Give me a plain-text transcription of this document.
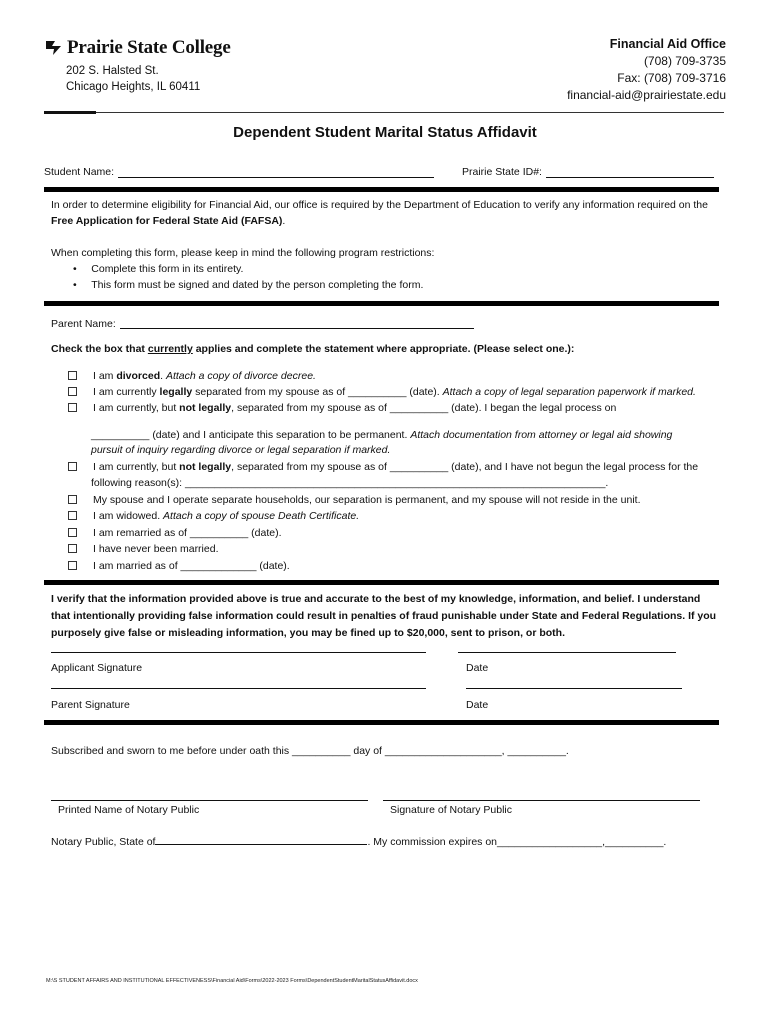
Prairie State College
202 S. Halsted St.
Chicago Heights, IL 60411
Financial Aid Office
(708) 709-3735
Fax: (708) 709-3716
financial-aid@prairiestate.edu
Dependent Student Marital Status Affidavit
Student Name:	Prairie State ID#:
In order to determine eligibility for Financial Aid, our office is required by the Department of Education to verify any information required on the Free Application for Federal State Aid (FAFSA).
When completing this form, please keep in mind the following program restrictions:
•     Complete this form in its entirety.
•     This form must be signed and dated by the person completing the form.
Parent Name:
Check the box that currently applies and complete the statement where appropriate. (Please select one.):
I am divorced. Attach a copy of divorce decree.
I am currently legally separated from my spouse as of __________ (date). Attach a copy of legal separation paperwork if marked.
I am currently, but not legally, separated from my spouse as of __________ (date). I began the legal process on
__________ (date) and I anticipate this separation to be permanent. Attach documentation from attorney or legal aid showing
pursuit of inquiry regarding divorce or legal separation if marked.
I am currently, but not legally, separated from my spouse as of __________ (date), and I have not begun the legal process for the
following reason(s): ________________________________________________________________________.
My spouse and I operate separate households, our separation is permanent, and my spouse will not reside in the unit.
I am widowed. Attach a copy of spouse Death Certificate.
I am remarried as of __________ (date).
I have never been married.
I am married as of _____________ (date).
I verify that the information provided above is true and accurate to the best of my knowledge, information, and belief. I understand that intentionally providing false information could result in penalties of fraud punishable under State and Federal Regulations. If you purposely give false or misleading information, you may be fined up to $20,000, sent to prison, or both.
Applicant Signature	Date
Parent Signature	Date
Subscribed and sworn to me before under oath this __________ day of ____________________, __________.
Printed Name of Notary Public	Signature of Notary Public
Notary Public, State of	. My commission expires on__________________,__________.
M:\S STUDENT AFFAIRS AND INSTITUTIONAL EFFECTIVENESS\Financial Aid\Forms\2022-2023 Forms\DependentStudentMaritalStatusAffidavit.docx
